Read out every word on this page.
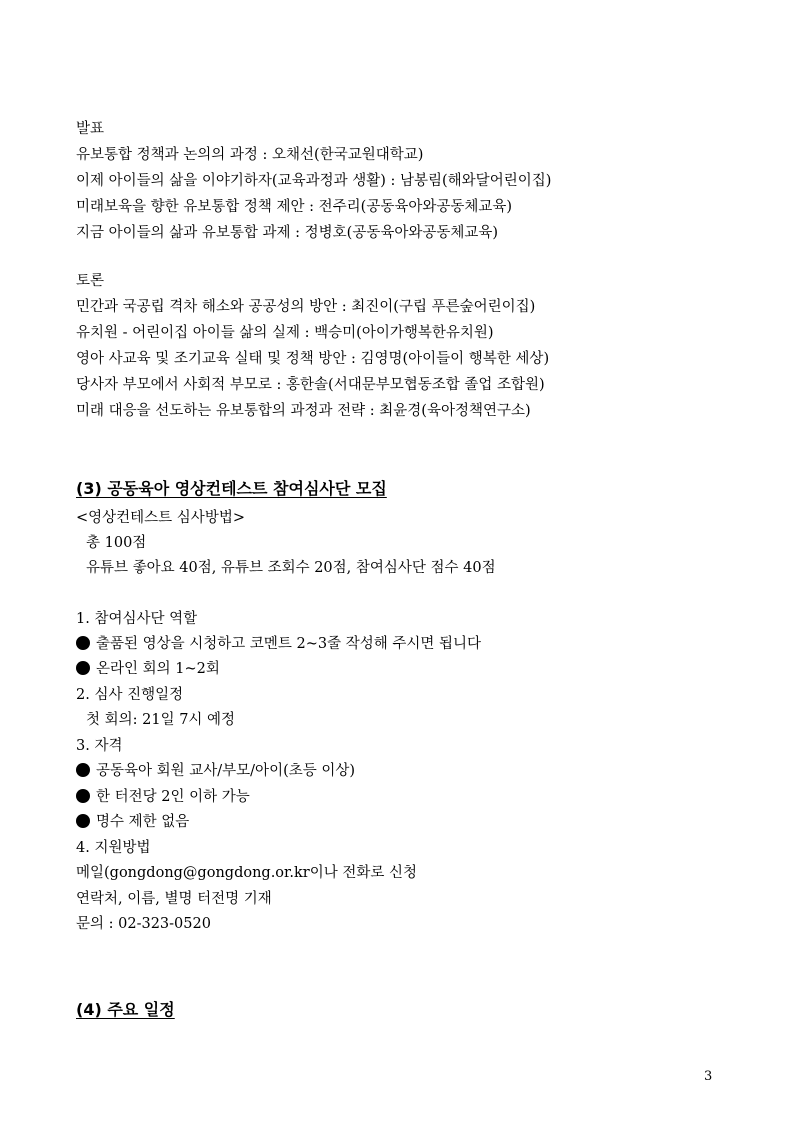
발표
유보통합 정책과 논의의 과정 : 오채선(한국교원대학교)
이제 아이들의 삶을 이야기하자(교육과정과 생활) : 남봉림(해와달어린이집)
미래보육을 향한 유보통합 정책 제안 : 전주리(공동육아와공동체교육)
지금 아이들의 삶과 유보통합 과제 : 정병호(공동육아와공동체교육)
토론
민간과 국공립 격차 해소와 공공성의 방안 : 최진이(구립 푸른숲어린이집)
유치원 - 어린이집 아이들 삶의 실제 : 백승미(아이가행복한유치원)
영아 사교육 및 조기교육 실태 및 정책 방안 : 김영명(아이들이 행복한 세상)
당사자 부모에서 사회적 부모로 : 홍한솔(서대문부모협동조합 졸업 조합원)
미래 대응을 선도하는 유보통합의 과정과 전략 : 최윤경(육아정책연구소)
(3) 공동육아 영상컨테스트 참여심사단 모집
<영상컨테스트 심사방법>
총 100점
유튜브 좋아요 40점, 유튜브 조회수 20점, 참여심사단 점수 40점
1. 참여심사단 역할
출품된 영상을 시청하고 코멘트 2~3줄 작성해 주시면 됩니다
온라인 회의 1~2회
2. 심사 진행일정
첫 회의: 21일 7시 예정
3. 자격
공동육아 회원 교사/부모/아이(초등 이상)
한 터전당 2인 이하 가능
명수 제한 없음
4. 지원방법
메일(gongdong@gongdong.or.kr이나 전화로 신청
연락처, 이름, 별명 터전명 기재
문의 : 02-323-0520
(4) 주요 일정
3
